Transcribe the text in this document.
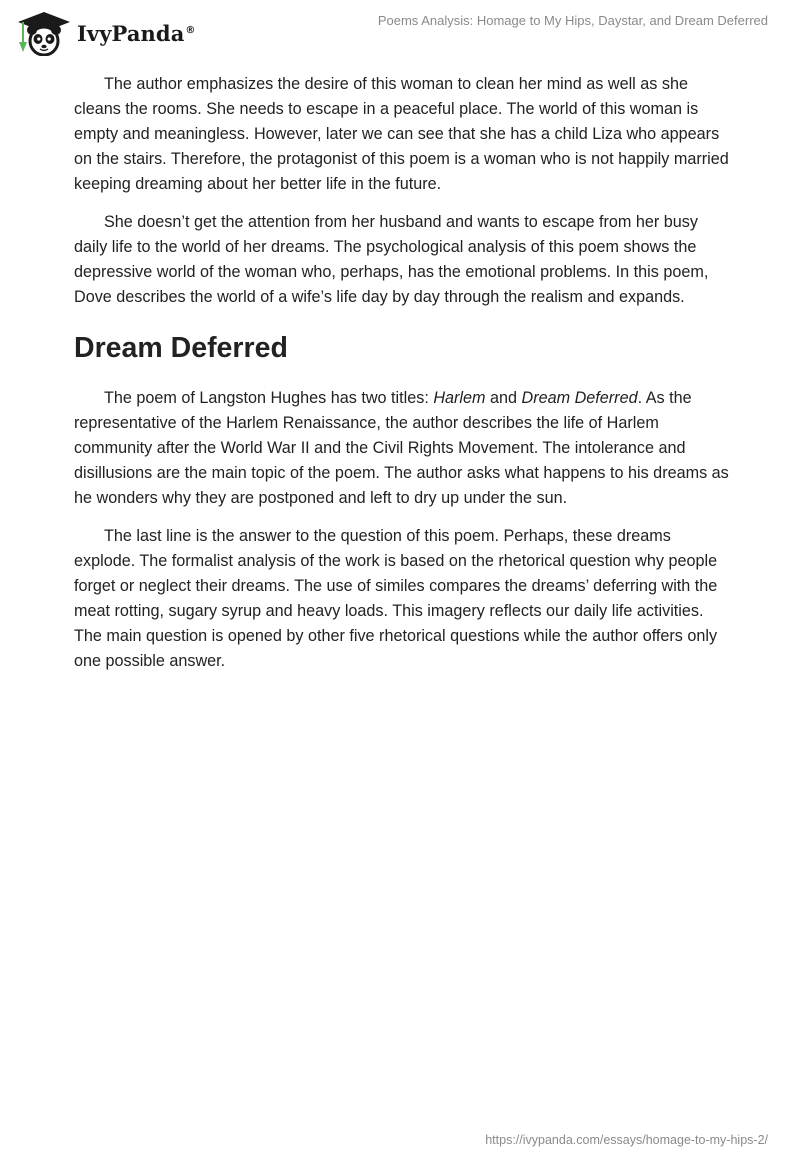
IvyPanda®
Poems Analysis: Homage to My Hips, Daystar, and Dream Deferred

The author emphasizes the desire of this woman to clean her mind as well as she cleans the rooms. She needs to escape in a peaceful place. The world of this woman is empty and meaningless. However, later we can see that she has a child Liza who appears on the stairs. Therefore, the protagonist of this poem is a woman who is not happily married keeping dreaming about her better life in the future.

She doesn’t get the attention from her husband and wants to escape from her busy daily life to the world of her dreams. The psychological analysis of this poem shows the depressive world of the woman who, perhaps, has the emotional problems. In this poem, Dove describes the world of a wife’s life day by day through the realism and expands.

Dream Deferred

The poem of Langston Hughes has two titles: Harlem and Dream Deferred. As the representative of the Harlem Renaissance, the author describes the life of Harlem community after the World War II and the Civil Rights Movement. The intolerance and disillusions are the main topic of the poem. The author asks what happens to his dreams as he wonders why they are postponed and left to dry up under the sun.

The last line is the answer to the question of this poem. Perhaps, these dreams explode. The formalist analysis of the work is based on the rhetorical question why people forget or neglect their dreams. The use of similes compares the dreams’ deferring with the meat rotting, sugary syrup and heavy loads. This imagery reflects our daily life activities. The main question is opened by other five rhetorical questions while the author offers only one possible answer.

https://ivypanda.com/essays/homage-to-my-hips-2/
